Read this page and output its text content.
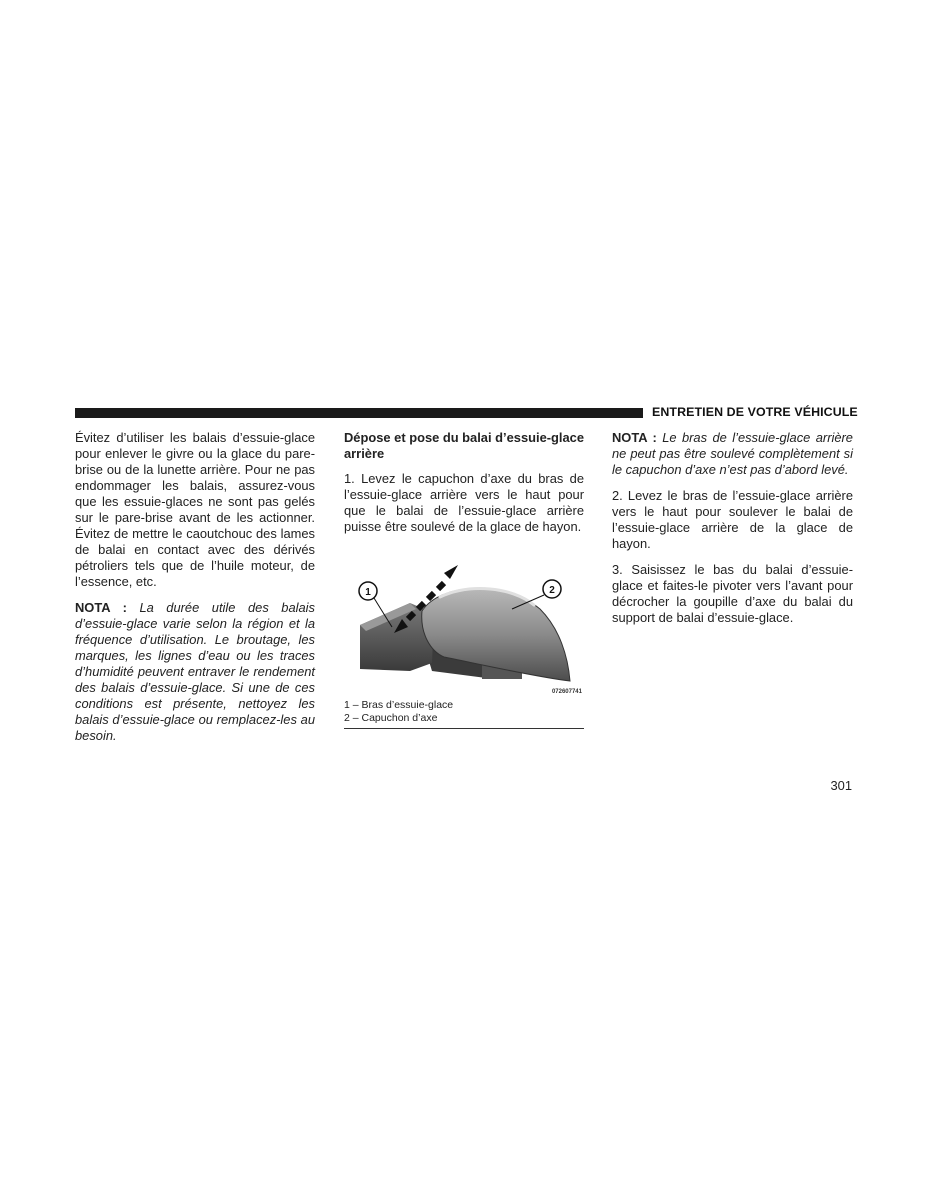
ENTRETIEN DE VOTRE VÉHICULE

Évitez d’utiliser les balais d’essuie-glace pour enlever le givre ou la glace du pare-brise ou de la lunette arrière. Pour ne pas endommager les balais, assurez-vous que les essuie-glaces ne sont pas gelés sur le pare-brise avant de les actionner. Évitez de mettre le caoutchouc des lames de balai en contact avec des dérivés pétroliers tels que de l’huile moteur, de l’essence, etc.

NOTA : La durée utile des balais d’essuie-glace varie selon la région et la fréquence d’utilisation. Le broutage, les marques, les lignes d’eau ou les traces d’humidité peuvent entraver le rendement des balais d’essuie-glace. Si une de ces conditions est présente, nettoyez les balais d’essuie-glace ou remplacez-les au besoin.

Dépose et pose du balai d’essuie-glace arrière

1. Levez le capuchon d’axe du bras de l’essuie-glace arrière vers le haut pour que le balai de l’essuie-glace arrière puisse être soulevé de la glace de hayon.

1	2
072607741
1 – Bras d’essuie-glace
2 – Capuchon d’axe

NOTA : Le bras de l’essuie-glace arrière ne peut pas être soulevé complètement si le capuchon d’axe n’est pas d’abord levé.

2. Levez le bras de l’essuie-glace arrière vers le haut pour soulever le balai de l’essuie-glace arrière de la glace de hayon.

3. Saisissez le bas du balai d’essuie-glace et faites-le pivoter vers l’avant pour décrocher la goupille d’axe du balai du support de balai d’essuie-glace.

301
